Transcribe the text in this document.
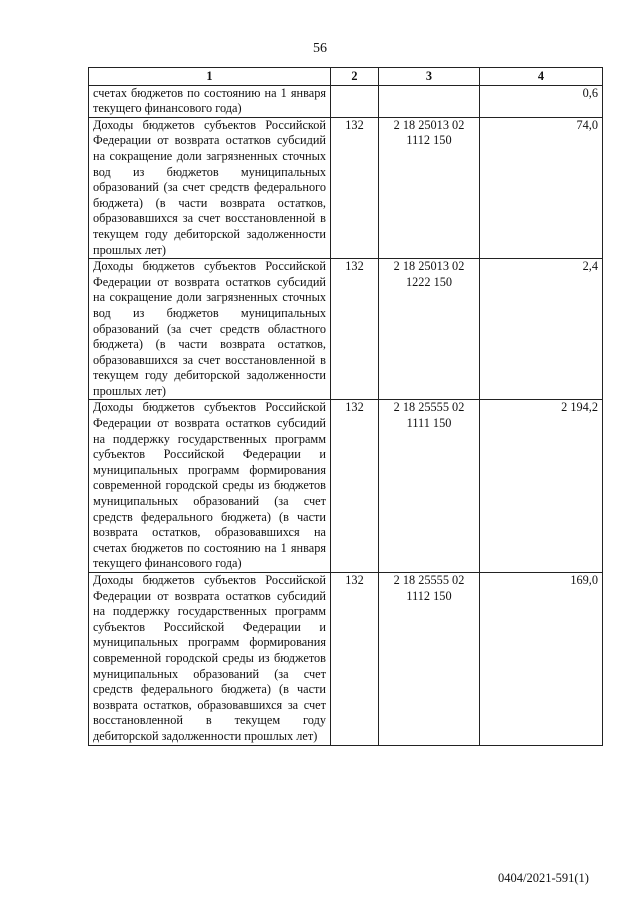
56
1	2	3	4
счетах бюджетов по состоянию на 1 января текущего финансового года)			0,6
Доходы бюджетов субъектов Российской Федерации от возврата остатков субсидий на сокращение доли загрязненных сточных вод из бюджетов муниципальных образований (за счет средств федерального бюджета) (в части возврата остатков, образовавшихся за счет восстановленной в текущем году дебиторской задолженности прошлых лет)	132	2 18 25013 02 1112 150	74,0
Доходы бюджетов субъектов Российской Федерации от возврата остатков субсидий на сокращение доли загрязненных сточных вод из бюджетов муниципальных образований (за счет средств областного бюджета) (в части возврата остатков, образовавшихся за счет восстановленной в текущем году дебиторской задолженности прошлых лет)	132	2 18 25013 02 1222 150	2,4
Доходы бюджетов субъектов Российской Федерации от возврата остатков субсидий на поддержку государственных программ субъектов Российской Федерации и муниципальных программ формирования современной городской среды из бюджетов муниципальных образований (за счет средств федерального бюджета) (в части возврата остатков, образовавшихся на счетах бюджетов по состоянию на 1 января текущего финансового года)	132	2 18 25555 02 1111 150	2 194,2
Доходы бюджетов субъектов Российской Федерации от возврата остатков субсидий на поддержку государственных программ субъектов Российской Федерации и муниципальных программ формирования современной городской среды из бюджетов муниципальных образований (за счет средств федерального бюджета) (в части возврата остатков, образовавшихся за счет восстановленной в текущем году дебиторской задолженности прошлых лет)	132	2 18 25555 02 1112 150	169,0
0404/2021-591(1)
